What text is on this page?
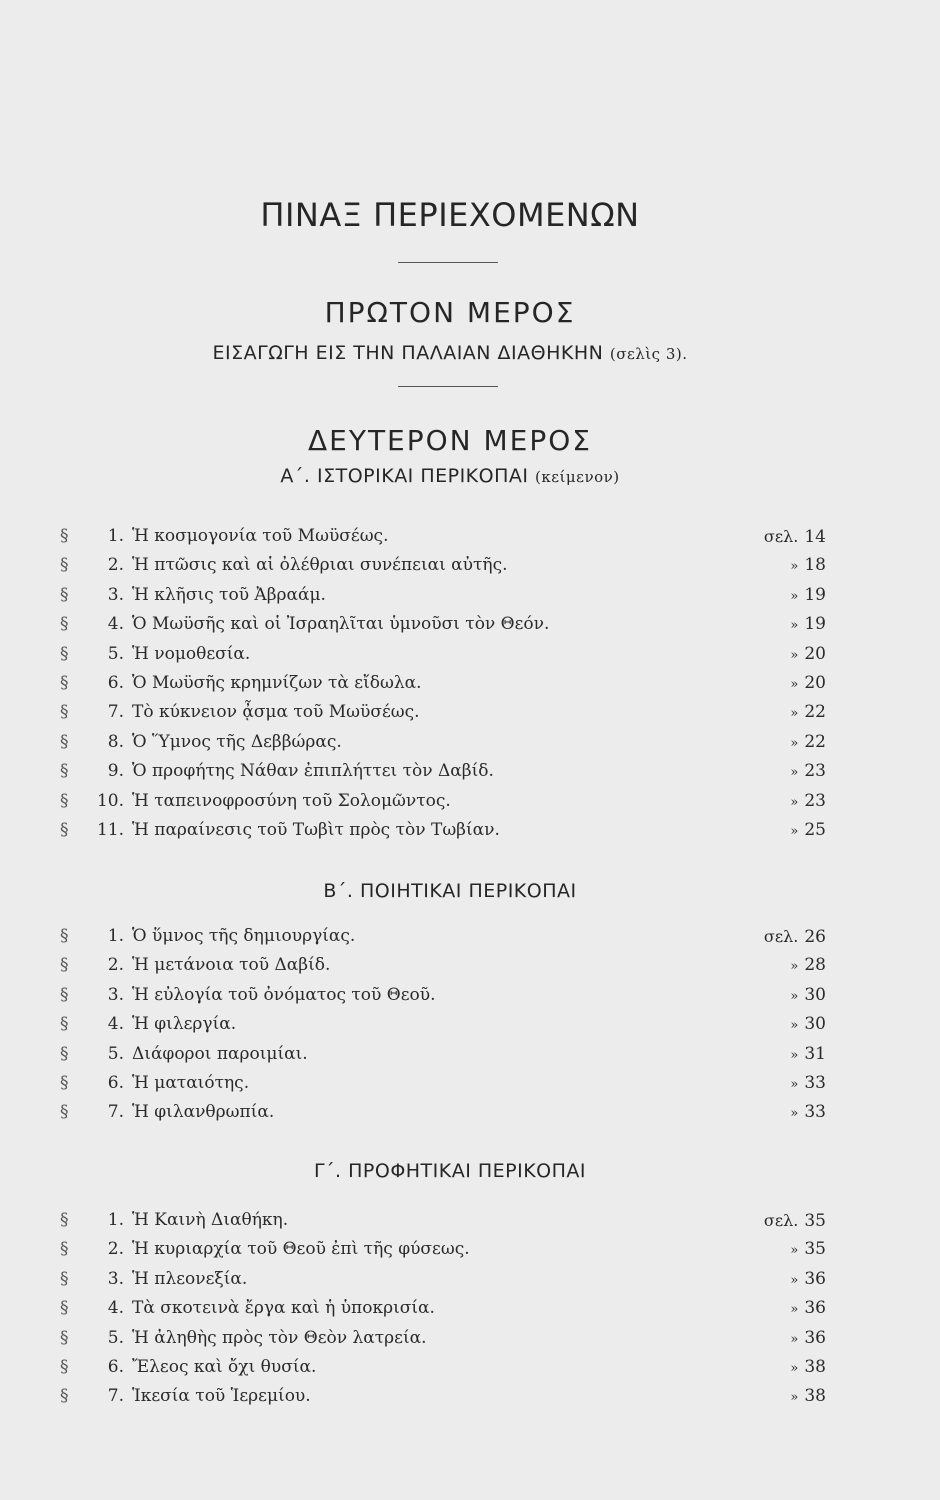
ΠΙΝΑΞ ΠΕΡΙΕΧΟΜΕΝΩΝ
ΠΡΩΤΟΝ ΜΕΡΟΣ
ΕΙΣΑΓΩΓΗ ΕΙΣ ΤΗΝ ΠΑΛΑΙΑΝ ΔΙΑΘΗΚΗΝ (σελὶς 3).
ΔΕΥΤΕΡΟΝ ΜΕΡΟΣ
Α΄. ΙΣΤΟΡΙΚΑΙ ΠΕΡΙΚΟΠΑΙ (κείμενον)
§	1. Ἡ κοσμογονία τοῦ Μωϋσέως.	σελ. 14
§	2. Ἡ πτῶσις καὶ αἱ ὀλέθριαι συνέπειαι αὐτῆς.	» 18
§	3. Ἡ κλῆσις τοῦ Ἀβραάμ.	» 19
§	4. Ὁ Μωϋσῆς καὶ οἱ Ἰσραηλῖται ὑμνοῦσι τὸν Θεόν.	» 19
§	5. Ἡ νομοθεσία.	» 20
§	6. Ὁ Μωϋσῆς κρημνίζων τὰ εἴδωλα.	» 20
§	7. Τὸ κύκνειον ᾆσμα τοῦ Μωϋσέως.	» 22
§	8. Ὁ Ὕμνος τῆς Δεββώρας.	» 22
§	9. Ὁ προφήτης Νάθαν ἐπιπλήττει τὸν Δαβίδ.	» 23
§	10. Ἡ ταπεινοφροσύνη τοῦ Σολομῶντος.	» 23
§	11. Ἡ παραίνεσις τοῦ Τωβὶτ πρὸς τὸν Τωβίαν.	» 25
Β΄. ΠΟΙΗΤΙΚΑΙ ΠΕΡΙΚΟΠΑΙ
§	1. Ὁ ὕμνος τῆς δημιουργίας.	σελ. 26
§	2. Ἡ μετάνοια τοῦ Δαβίδ.	» 28
§	3. Ἡ εὐλογία τοῦ ὀνόματος τοῦ Θεοῦ.	» 30
§	4. Ἡ φιλεργία.	» 30
§	5. Διάφοροι παροιμίαι.	» 31
§	6. Ἡ ματαιότης.	» 33
§	7. Ἡ φιλανθρωπία.	» 33
Γ΄. ΠΡΟΦΗΤΙΚΑΙ ΠΕΡΙΚΟΠΑΙ
§	1. Ἡ Καινὴ Διαθήκη.	σελ. 35
§	2. Ἡ κυριαρχία τοῦ Θεοῦ ἐπὶ τῆς φύσεως.	» 35
§	3. Ἡ πλεονεξία.	» 36
§	4. Τὰ σκοτεινὰ ἔργα καὶ ἡ ὑποκρισία.	» 36
§	5. Ἡ ἀληθὴς πρὸς τὸν Θεὸν λατρεία.	» 36
§	6. Ἔλεος καὶ ὄχι θυσία.	» 38
§	7. Ἱκεσία τοῦ Ἱερεμίου.	» 38
